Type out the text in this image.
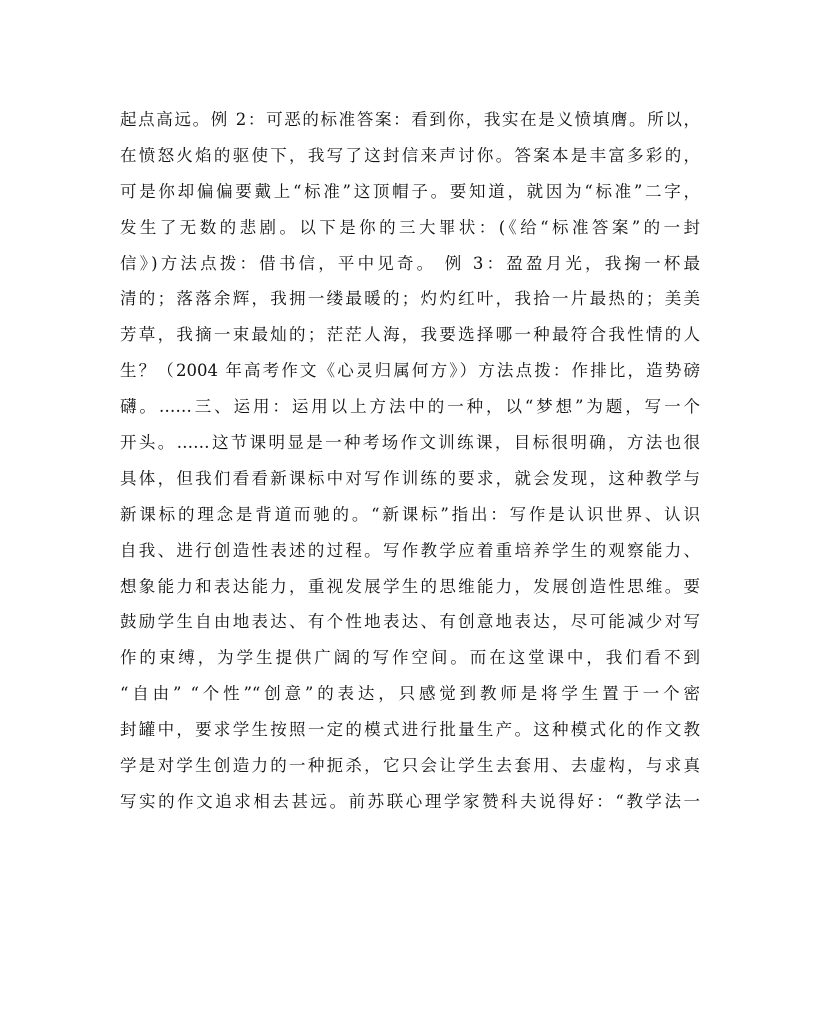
起点高远。例 2：可恶的标准答案：看到你，我实在是义愤填膺。所以，
在愤怒火焰的驱使下，我写了这封信来声讨你。答案本是丰富多彩的，
可是你却偏偏要戴上“标准”这顶帽子。要知道，就因为“标准”二字，
发生了无数的悲剧。以下是你的三大罪状：(《给“标准答案”的一封
信》)方法点拨：借书信，平中见奇。 例 3：盈盈月光，我掬一杯最
清的；落落余辉，我拥一缕最暖的；灼灼红叶，我拾一片最热的；美美
芳草，我摘一束最灿的；茫茫人海，我要选择哪一种最符合我性情的人
生？（2004 年高考作文《心灵归属何方》）方法点拨：作排比，造势磅
礴。……三、运用：运用以上方法中的一种，以“梦想”为题，写一个
开头。……这节课明显是一种考场作文训练课，目标很明确，方法也很
具体，但我们看看新课标中对写作训练的要求，就会发现，这种教学与
新课标的理念是背道而驰的。“新课标”指出：写作是认识世界、认识
自我、进行创造性表述的过程。写作教学应着重培养学生的观察能力、
想象能力和表达能力，重视发展学生的思维能力，发展创造性思维。要
鼓励学生自由地表达、有个性地表达、有创意地表达，尽可能减少对写
作的束缚，为学生提供广阔的写作空间。而在这堂课中，我们看不到
“自由” “个性”“创意”的表达，只感觉到教师是将学生置于一个密
封罐中，要求学生按照一定的模式进行批量生产。这种模式化的作文教
学是对学生创造力的一种扼杀，它只会让学生去套用、去虚构，与求真
写实的作文追求相去甚远。前苏联心理学家赞科夫说得好：“教学法一
